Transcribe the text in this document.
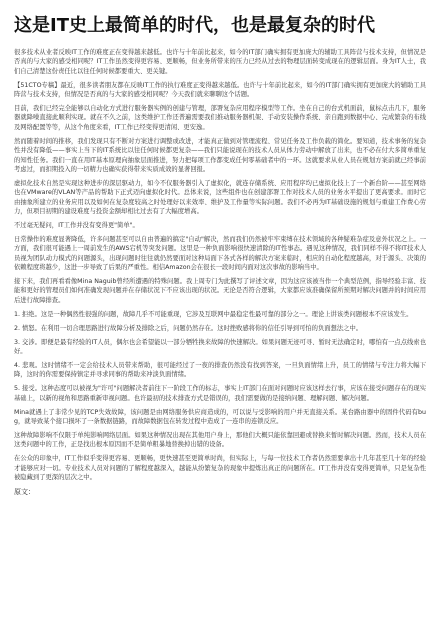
这是IT史上最简单的时代，也是最复杂的时代

很多技术从业者反映IT工作的难度正在变得越来越低。也许与十年前比起来，如今的IT部门确实拥有更加庞大的辅助工具阵营与技术支持，但情况是否真的与大家的感受相同呢？IT工作虽然变得更容易、更顺畅，但业务所带来的压力已经从过去的物理层面转变成现在的逻辑层面。身为IT人士，我们自己清楚这份责任比以往任何时候都要重大、更关键。

【51CTO专稿】最近，很多读者朋友都在反映IT工作的执行难度正变得越来越低。也许与十年前比起来，如今的IT部门确实拥有更加庞大的辅助工具阵营与技术支持，但情况是否真的与大家的感受相同呢？今天我们就来聊聊这个话题。

目前，我们已经完全能够以自动化方式进行服务器实例的创建与管理，部署复杂应用程序模型等工作。坐在自己的台式机面前，鼠标点击几下，服务器就降噪直接此顺利实现。就在不久之前，这类维护工作还普遍需要我们推动服务器机架、手动安装操作系统、亲自跑到数据中心、完成繁杂的布线及网络配置等等，从这个角度来看，IT工作已经变得更清闲、更安逸。

然而随着时间的推移，我们发现只有不断对方案进行调整或改进，才能真正做到对管理流程、常见任务及工作负载的简化。要知道，技术事务的复杂性并没有降低——事实上当下的IT系统比以往任何时候都更复杂——我们只能说现在的技术人员从体力劳动中解放了出来，也不必在付大多简单重复的知性任务。我们一直在用IT基本原理向抽象层面推进，努力把每项工作都变成任何零基础者中的一环。这就要求从业人员在规划方案前就已经事前考虑过，而扣期投入的一切精力也确实获得带来实质成效的显著回报。

虚拟化技术自然是实现这种进步的深层驱动力，如今不仅服务器引入了虚拟化，就连存储系统、应用程序均已虚拟化技上了一个新台阶——甚至网络也在VMware的VLAN等产品的帮助下正式迈向虚拟化时代。总体来说，这些组件也在创建部署工作对技术人员的业务水平提出了更高要求。而时它由抽象所建立的业务应用以及如何在复杂度较高之时处理好以来效率、维护及工作量等实际问题。我们不必再为IT基础设施的规划与重建工作费心劳力，但项目初期的建设难度与投资金额却相比过去有了大幅度增高。

不过毫无疑问，IT工作并没有变得更"简单"。

日常操作的难度显著降低，许多问题甚至可以自由普遍的搞定"自动"解决，然而我们仍然被牢牢束缚在技术领域的各种疑难杂症及意外状况之上。一方面，我们很可能遇上一周前发生的AWS宕机等突发问题。这里是一种负面影响很快速清除的IT性事态。遇见这种情况，我们同样不得不将IT技术人员视为团队动力模式的问题源头，出现问题时往往就仍然要面对这种局面下各式各样的解决方案来临时，相应的自动化程度越高，对于源头、决策的依赖程度将越少，这进一步导致了后果的严重性。相信Amazon会在很长一段时间内面对这次事故的影响当中。

接下来，我们再看看像Mina Naguib曾经所遭遇的特殊问题。我上周专门为此撰写了评述文章，因为这应该被当作一个典型范例，指导经验丰富、技能和更好的管理员们如何准确发现问题并在存储状况下不应该出现的状况。无论是否符合逻辑，大家都应该准确保留所预期对解决问题并的时间应用后进行故障排查。

1. 拒绝。这是一种偶然性很强的问题，故障几乎不可能重现，它涉及互联网中最稳定性最可靠的部分之一。理论上讲该类问题根本不应该发生。

2. 愤怒。在利用一切合理思路进行故障分析及排除之后，问题仍然存在。这时挫败感将你的信任引导到可怕的负面想法之中。

3. 交涉。即便是最有经验的IT人员，偶尔也会希望能以一部分牺牲换来故障的快速解决。如果问题无迹可寻、暂时无法确定时，哪怕有一点点线索也好。

4. 悲观。这时情绪不一定会给技术人员带来帮助，很可能经过了一夜的排查仍然没有找到答案，一旦负面情绪上升，员工的情绪与专注力将大幅下降，这时的你需要保持镇定并寻求同事的帮助来冲淡负面情绪。

5. 接受。这种态度可以被视为"许可"问题解决者前往下一阶段工作的标志，事实上IT部门在面对问题时应该这样去行事，应该在接受问题存在的现实基础上，以新的视角和思路重新审视问题。也许最初的技术排查方式是错误的，我们需要做的是接纳问题、理解问题、解决问题。

Mina就遇上了非常少见的TCP失效故障，该问题是由网络服务供应商造成的，可以说与受影响的用户并无直接关系。某台路由器中的固件代码有bug，就导致某个接口损坏了一条数据链路，而故障数据包在转发过程中造成了一连串的连锁反应。

这种故障影响不仅限于单纯影响网络层面。如果这种情况出现在其他用户身上，那他们大概只能依靠回避或替换来暂时解决问题。然而，技术人员在这类问题中的工作，正是找出根本原因而不是简单粗暴地替换掉出错的设备。

在公众的印象中，IT工作似乎变得更容易、更顺畅，更快速甚至更简单时尚，但实际上，与每一位技术工作者仍然需要拿出十几年甚至几十年的经验才能够应对一切。专业技术人员对问题的了解程度越深入，越能从纷繁复杂的现象中提炼出真正的问题所在。IT工作并没有变得更简单，只是复杂性被隐藏到了更深的层次之中。

原文：
